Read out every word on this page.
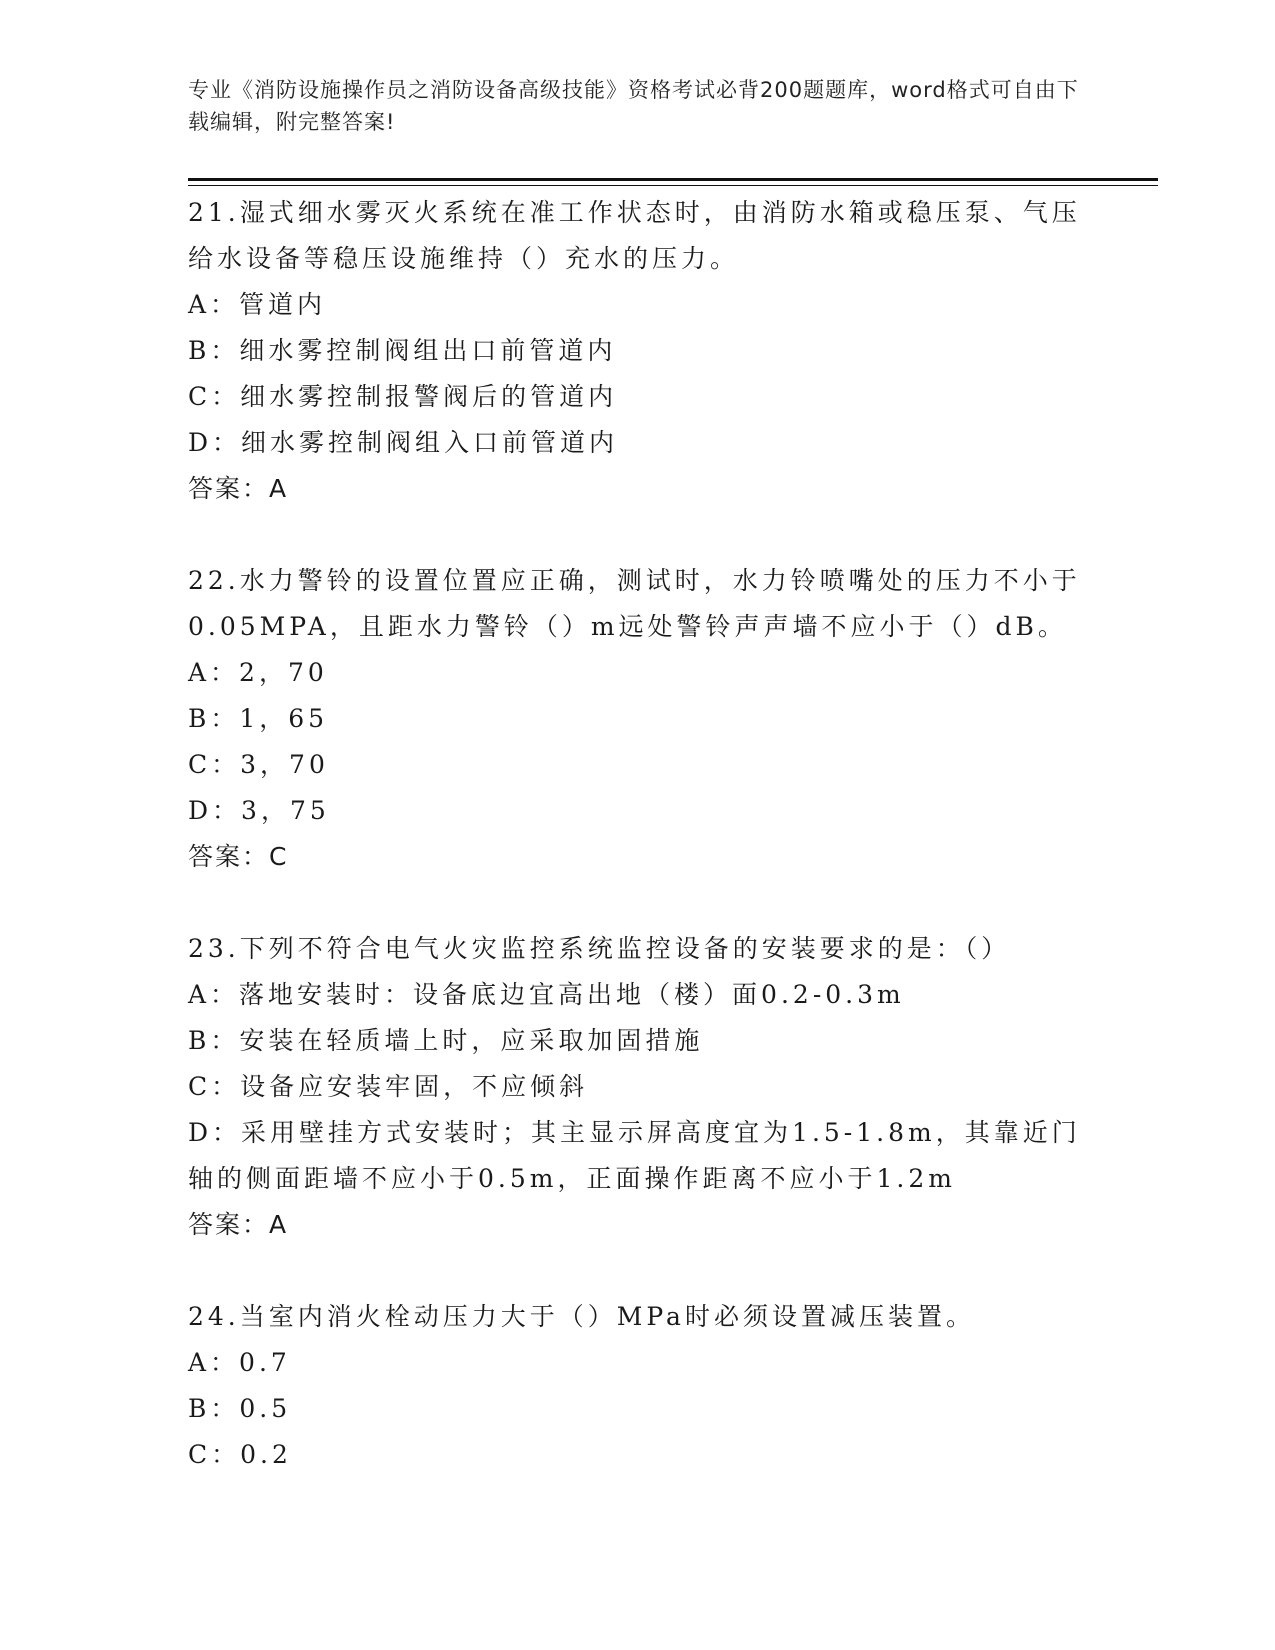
专业《消防设施操作员之消防设备高级技能》资格考试必背200题题库，word格式可自由下载编辑，附完整答案!
21.湿式细水雾灭火系统在准工作状态时，由消防水箱或稳压泵、气压给水设备等稳压设施维持（）充水的压力。
A：管道内
B：细水雾控制阀组出口前管道内
C：细水雾控制报警阀后的管道内
D：细水雾控制阀组入口前管道内
答案：A
22.水力警铃的设置位置应正确，测试时，水力铃喷嘴处的压力不小于0.05MPA，且距水力警铃（）m远处警铃声声墙不应小于（）dB。
A：2，70
B：1，65
C：3，70
D：3，75
答案：C
23.下列不符合电气火灾监控系统监控设备的安装要求的是：（）
A：落地安装时：设备底边宜高出地（楼）面0.2-0.3m
B：安装在轻质墙上时，应采取加固措施
C：设备应安装牢固，不应倾斜
D：采用壁挂方式安装时；其主显示屏高度宜为1.5-1.8m，其靠近门轴的侧面距墙不应小于0.5m，正面操作距离不应小于1.2m
答案：A
24.当室内消火栓动压力大于（）MPa时必须设置减压装置。
A：0.7
B：0.5
C：0.2
